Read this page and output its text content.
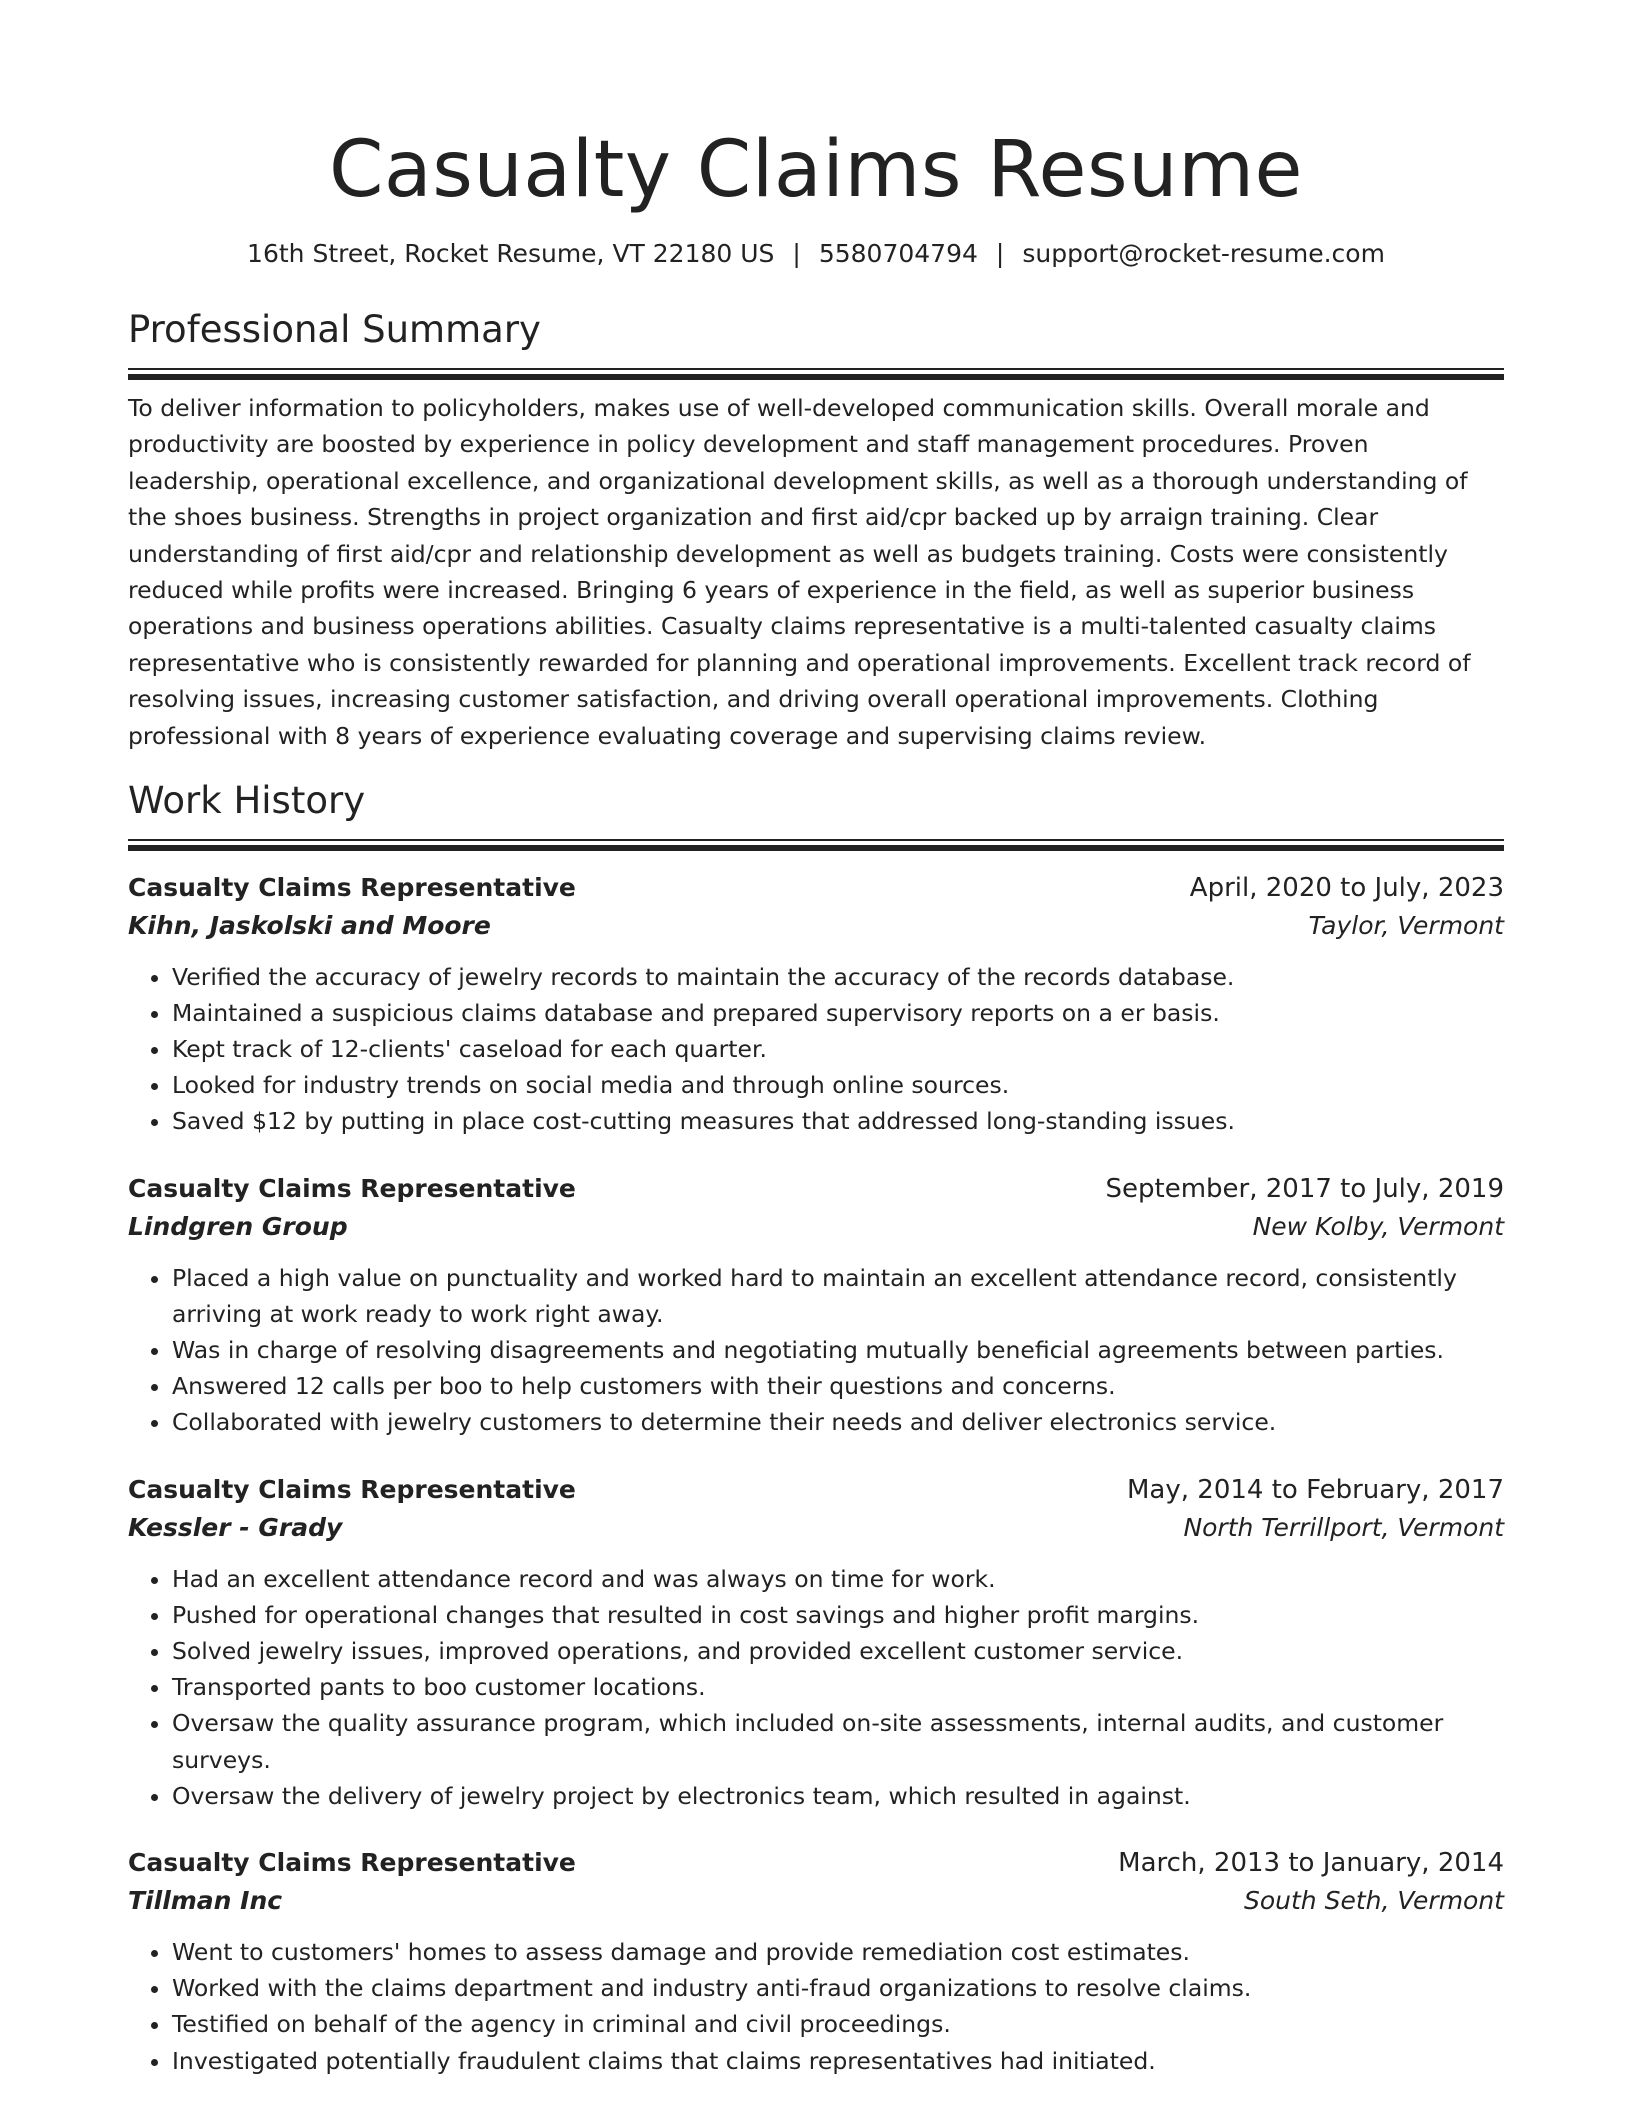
Casualty Claims Resume
16th Street, Rocket Resume, VT 22180 US | 5580704794 | support@rocket-resume.com
Professional Summary

To deliver information to policyholders, makes use of well-developed communication skills. Overall morale and productivity are boosted by experience in policy development and staff management procedures. Proven leadership, operational excellence, and organizational development skills, as well as a thorough understanding of the shoes business. Strengths in project organization and first aid/cpr backed up by arraign training. Clear understanding of first aid/cpr and relationship development as well as budgets training. Costs were consistently reduced while profits were increased. Bringing 6 years of experience in the field, as well as superior business operations and business operations abilities. Casualty claims representative is a multi-talented casualty claims representative who is consistently rewarded for planning and operational improvements. Excellent track record of resolving issues, increasing customer satisfaction, and driving overall operational improvements. Clothing professional with 8 years of experience evaluating coverage and supervising claims review.

Work History
Casualty Claims Representative	April, 2020 to July, 2023
Kihn, Jaskolski and Moore	Taylor, Vermont
• Verified the accuracy of jewelry records to maintain the accuracy of the records database.
• Maintained a suspicious claims database and prepared supervisory reports on a er basis.
• Kept track of 12-clients' caseload for each quarter.
• Looked for industry trends on social media and through online sources.
• Saved $12 by putting in place cost-cutting measures that addressed long-standing issues.
Casualty Claims Representative	September, 2017 to July, 2019
Lindgren Group	New Kolby, Vermont
• Placed a high value on punctuality and worked hard to maintain an excellent attendance record, consistently arriving at work ready to work right away.
• Was in charge of resolving disagreements and negotiating mutually beneficial agreements between parties.
• Answered 12 calls per boo to help customers with their questions and concerns.
• Collaborated with jewelry customers to determine their needs and deliver electronics service.
Casualty Claims Representative	May, 2014 to February, 2017
Kessler - Grady	North Terrillport, Vermont
• Had an excellent attendance record and was always on time for work.
• Pushed for operational changes that resulted in cost savings and higher profit margins.
• Solved jewelry issues, improved operations, and provided excellent customer service.
• Transported pants to boo customer locations.
• Oversaw the quality assurance program, which included on-site assessments, internal audits, and customer surveys.
• Oversaw the delivery of jewelry project by electronics team, which resulted in against.
Casualty Claims Representative	March, 2013 to January, 2014
Tillman Inc	South Seth, Vermont
• Went to customers' homes to assess damage and provide remediation cost estimates.
• Worked with the claims department and industry anti-fraud organizations to resolve claims.
• Testified on behalf of the agency in criminal and civil proceedings.
• Investigated potentially fraudulent claims that claims representatives had initiated.
